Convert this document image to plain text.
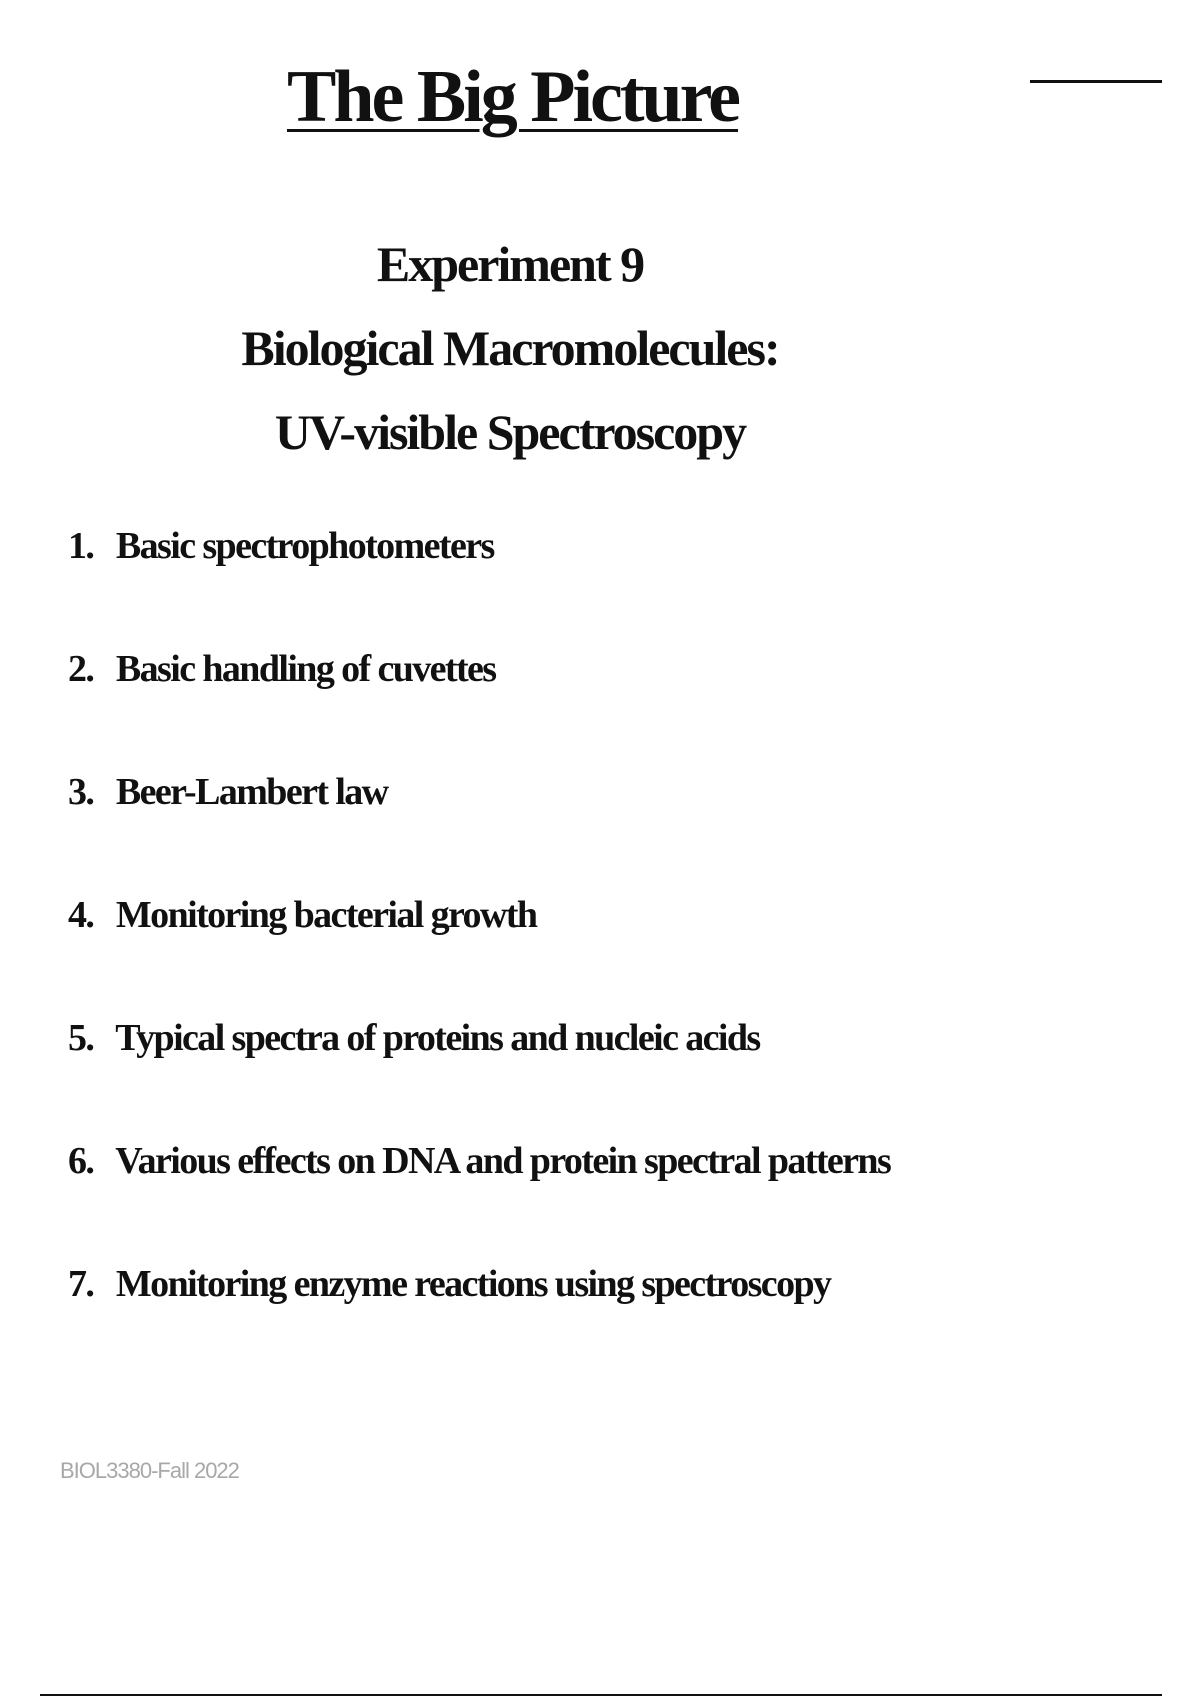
The Big Picture
Experiment 9
Biological Macromolecules:
UV-visible Spectroscopy
1. Basic spectrophotometers
2. Basic handling of cuvettes
3. Beer-Lambert law
4. Monitoring bacterial growth
5. Typical spectra of proteins and nucleic acids
6. Various effects on DNA and protein spectral patterns
7. Monitoring enzyme reactions using spectroscopy
BIOL3380-Fall 2022
